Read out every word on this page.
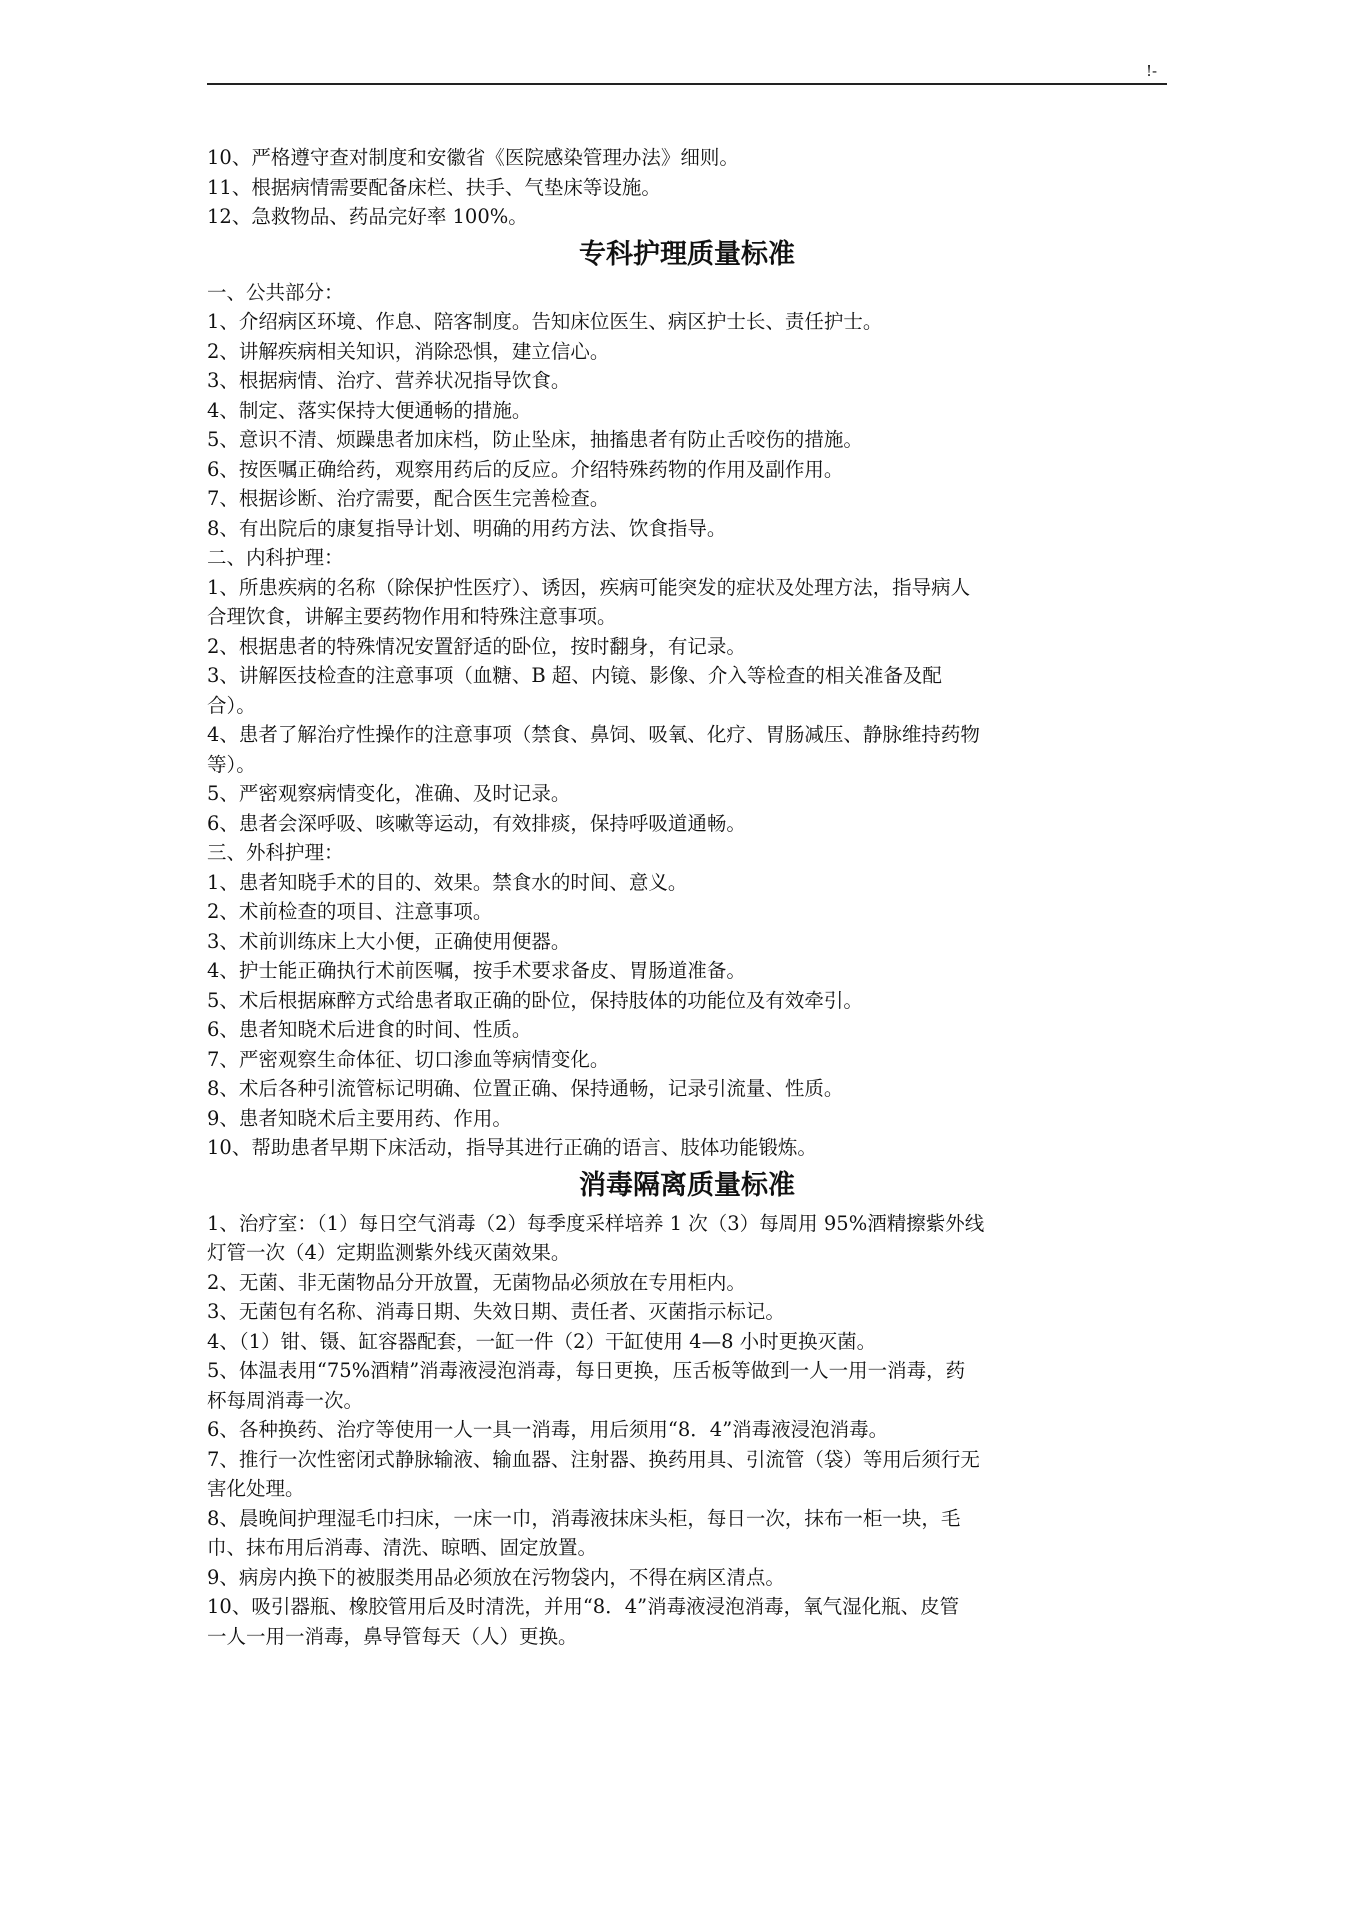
!-
10、严格遵守查对制度和安徽省《医院感染管理办法》细则。
11、根据病情需要配备床栏、扶手、气垫床等设施。
12、急救物品、药品完好率 100%。
专科护理质量标准
一、公共部分：
1、介绍病区环境、作息、陪客制度。告知床位医生、病区护士长、责任护士。
2、讲解疾病相关知识，消除恐惧，建立信心。
3、根据病情、治疗、营养状况指导饮食。
4、制定、落实保持大便通畅的措施。
5、意识不清、烦躁患者加床档，防止坠床，抽搐患者有防止舌咬伤的措施。
6、按医嘱正确给药，观察用药后的反应。介绍特殊药物的作用及副作用。
7、根据诊断、治疗需要，配合医生完善检查。
8、有出院后的康复指导计划、明确的用药方法、饮食指导。
二、内科护理：
1、所患疾病的名称（除保护性医疗）、诱因，疾病可能突发的症状及处理方法，指导病人
合理饮食，讲解主要药物作用和特殊注意事项。
2、根据患者的特殊情况安置舒适的卧位，按时翻身，有记录。
3、讲解医技检查的注意事项（血糖、B 超、内镜、影像、介入等检查的相关准备及配
合）。
4、患者了解治疗性操作的注意事项（禁食、鼻饲、吸氧、化疗、胃肠减压、静脉维持药物
等）。
5、严密观察病情变化，准确、及时记录。
6、患者会深呼吸、咳嗽等运动，有效排痰，保持呼吸道通畅。
三、外科护理：
1、患者知晓手术的目的、效果。禁食水的时间、意义。
2、术前检查的项目、注意事项。
3、术前训练床上大小便，正确使用便器。
4、护士能正确执行术前医嘱，按手术要求备皮、胃肠道准备。
5、术后根据麻醉方式给患者取正确的卧位，保持肢体的功能位及有效牵引。
6、患者知晓术后进食的时间、性质。
7、严密观察生命体征、切口渗血等病情变化。
8、术后各种引流管标记明确、位置正确、保持通畅，记录引流量、性质。
9、患者知晓术后主要用药、作用。
10、帮助患者早期下床活动，指导其进行正确的语言、肢体功能锻炼。
消毒隔离质量标准
1、治疗室：（1）每日空气消毒（2）每季度采样培养 1 次（3）每周用 95%酒精擦紫外线
灯管一次（4）定期监测紫外线灭菌效果。
2、无菌、非无菌物品分开放置，无菌物品必须放在专用柜内。
3、无菌包有名称、消毒日期、失效日期、责任者、灭菌指示标记。
4、（1）钳、镊、缸容器配套，一缸一件（2）干缸使用 4—8 小时更换灭菌。
5、体温表用“75%酒精”消毒液浸泡消毒，每日更换，压舌板等做到一人一用一消毒，药
杯每周消毒一次。
6、各种换药、治疗等使用一人一具一消毒，用后须用“8．4”消毒液浸泡消毒。
7、推行一次性密闭式静脉输液、输血器、注射器、换药用具、引流管（袋）等用后须行无
害化处理。
8、晨晚间护理湿毛巾扫床，一床一巾，消毒液抹床头柜，每日一次，抹布一柜一块，毛
巾、抹布用后消毒、清洗、晾晒、固定放置。
9、病房内换下的被服类用品必须放在污物袋内，不得在病区清点。
10、吸引器瓶、橡胶管用后及时清洗，并用“8．4”消毒液浸泡消毒，氧气湿化瓶、皮管
一人一用一消毒，鼻导管每天（人）更换。
